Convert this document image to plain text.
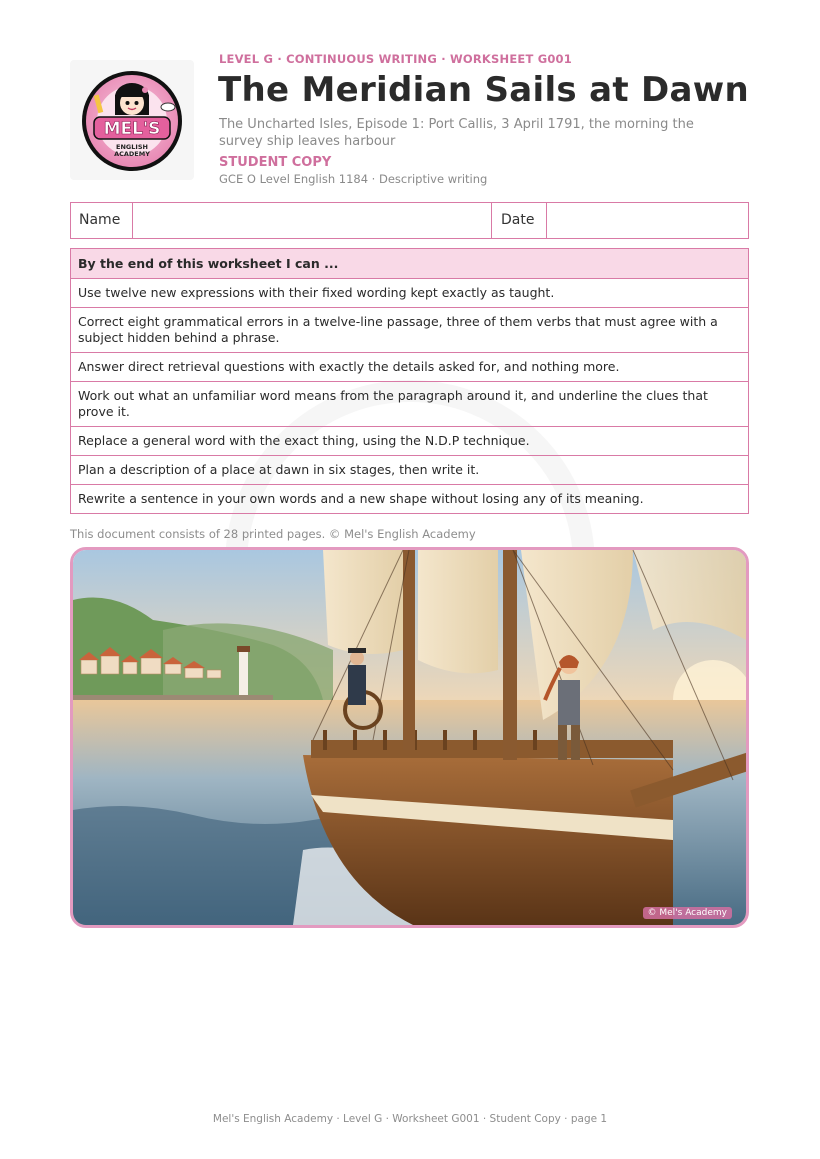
MEL'S
ENGLISH
ACADEMY
LEVEL G · CONTINUOUS WRITING · WORKSHEET G001
The Meridian Sails at Dawn
The Uncharted Isles, Episode 1: Port Callis, 3 April 1791, the morning the survey ship leaves harbour
STUDENT COPY
GCE O Level English 1184 · Descriptive writing
Name	Date
By the end of this worksheet I can ...
Use twelve new expressions with their fixed wording kept exactly as taught.
Correct eight grammatical errors in a twelve-line passage, three of them verbs that must agree with a subject hidden behind a phrase.
Answer direct retrieval questions with exactly the details asked for, and nothing more.
Work out what an unfamiliar word means from the paragraph around it, and underline the clues that prove it.
Replace a general word with the exact thing, using the N.D.P technique.
Plan a description of a place at dawn in six stages, then write it.
Rewrite a sentence in your own words and a new shape without losing any of its meaning.
This document consists of 28 printed pages. © Mel's English Academy
© Mel's Academy
Mel's English Academy · Level G · Worksheet G001 · Student Copy · page 1
